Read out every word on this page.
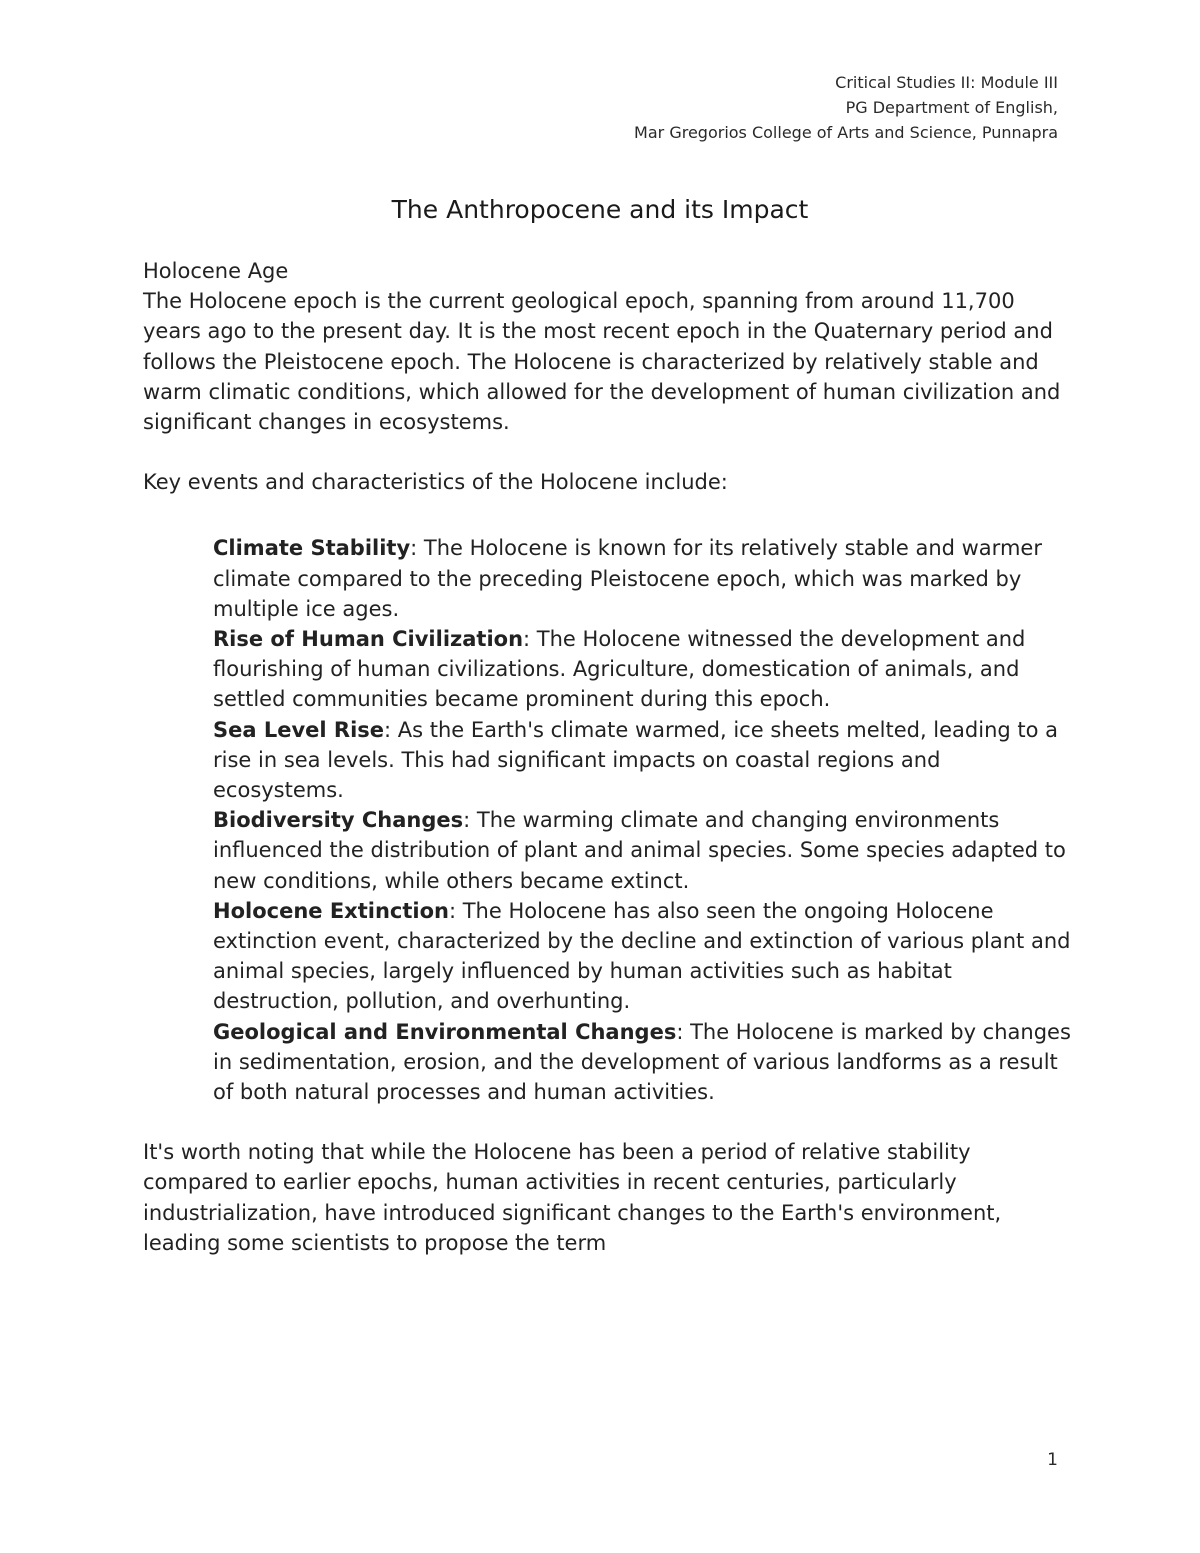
Critical Studies II: Module III
PG Department of English,
Mar Gregorios College of Arts and Science, Punnapra
The Anthropocene and its Impact
Holocene Age

The Holocene epoch is the current geological epoch, spanning from around 11,700 years ago to the present day. It is the most recent epoch in the Quaternary period and follows the Pleistocene epoch. The Holocene is characterized by relatively stable and warm climatic conditions, which allowed for the development of human civilization and significant changes in ecosystems.

Key events and characteristics of the Holocene include:

Climate Stability: The Holocene is known for its relatively stable and warmer climate compared to the preceding Pleistocene epoch, which was marked by multiple ice ages.

Rise of Human Civilization: The Holocene witnessed the development and flourishing of human civilizations. Agriculture, domestication of animals, and settled communities became prominent during this epoch.

Sea Level Rise: As the Earth's climate warmed, ice sheets melted, leading to a rise in sea levels. This had significant impacts on coastal regions and ecosystems.

Biodiversity Changes: The warming climate and changing environments influenced the distribution of plant and animal species. Some species adapted to new conditions, while others became extinct.

Holocene Extinction: The Holocene has also seen the ongoing Holocene extinction event, characterized by the decline and extinction of various plant and animal species, largely influenced by human activities such as habitat destruction, pollution, and overhunting.

Geological and Environmental Changes: The Holocene is marked by changes in sedimentation, erosion, and the development of various landforms as a result of both natural processes and human activities.

It's worth noting that while the Holocene has been a period of relative stability compared to earlier epochs, human activities in recent centuries, particularly industrialization, have introduced significant changes to the Earth's environment, leading some scientists to propose the term

1
